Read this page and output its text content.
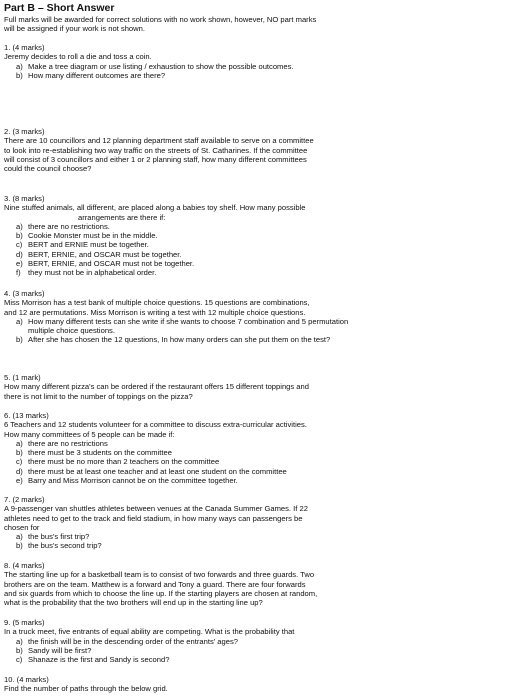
Part B – Short Answer

Full marks will be awarded for correct solutions with no work shown, however, NO part marks

will be assigned if your work is not shown.

1. (4 marks)

Jeremy decides to roll a die and toss a coin.

a) Make a tree diagram or use listing / exhaustion to show the possible outcomes.
b) How many different outcomes are there?

2. (3 marks)

There are 10 councillors and 12 planning department staff available to serve on a committee

to look into re-establishing two way traffic on the streets of St. Catharines. If the committee

will consist of 3 councillors and either 1 or 2 planning staff, how many different committees

could the council choose?

3. (8 marks)

Nine stuffed animals, all different, are placed along a babies toy shelf. How many possible

arrangements are there if:

a) there are no restrictions.
b) Cookie Monster must be in the middle.
c) BERT and ERNIE must be together.
d) BERT, ERNIE, and OSCAR must be together.
e) BERT, ERNIE, and OSCAR must not be together.
f) they must not be in alphabetical order.

4. (3 marks)

Miss Morrison has a test bank of multiple choice questions. 15 questions are combinations,

and 12 are permutations. Miss Morrison is writing a test with 12 multiple choice questions.

a) How many different tests can she write if she wants to choose 7 combination and 5 permutation multiple choice questions.
b) After she has chosen the 12 questions, In how many orders can she put them on the test?

5. (1 mark)

How many different pizza's can be ordered if the restaurant offers 15 different toppings and

there is not limit to the number of toppings on the pizza?

6. (13 marks)

6 Teachers and 12 students volunteer for a committee to discuss extra-curricular activities.

How many committees of 5 people can be made if:

a) there are no restrictions
b) there must be 3 students on the committee
c) there must be no more than 2 teachers on the committee
d) there must be at least one teacher and at least one student on the committee
e) Barry and Miss Morrison cannot be on the committee together.

7. (2 marks)

A 9-passenger van shuttles athletes between venues at the Canada Summer Games. If 22

athletes need to get to the track and field stadium, in how many ways can passengers be

chosen for

a) the bus's first trip?
b) the bus's second trip?

8. (4 marks)

The starting line up for a basketball team is to consist of two forwards and three guards. Two

brothers are on the team. Matthew is a forward and Tony a guard. There are four forwards

and six guards from which to choose the line up. If the starting players are chosen at random,

what is the probability that the two brothers will end up in the starting line up?

9. (5 marks)

In a truck meet, five entrants of equal ability are competing. What is the probability that

a) the finish will be in the descending order of the entrants' ages?
b) Sandy will be first?
c) Shanaze is the first and Sandy is second?

10. (4 marks)

Find the number of paths through the below grid.
